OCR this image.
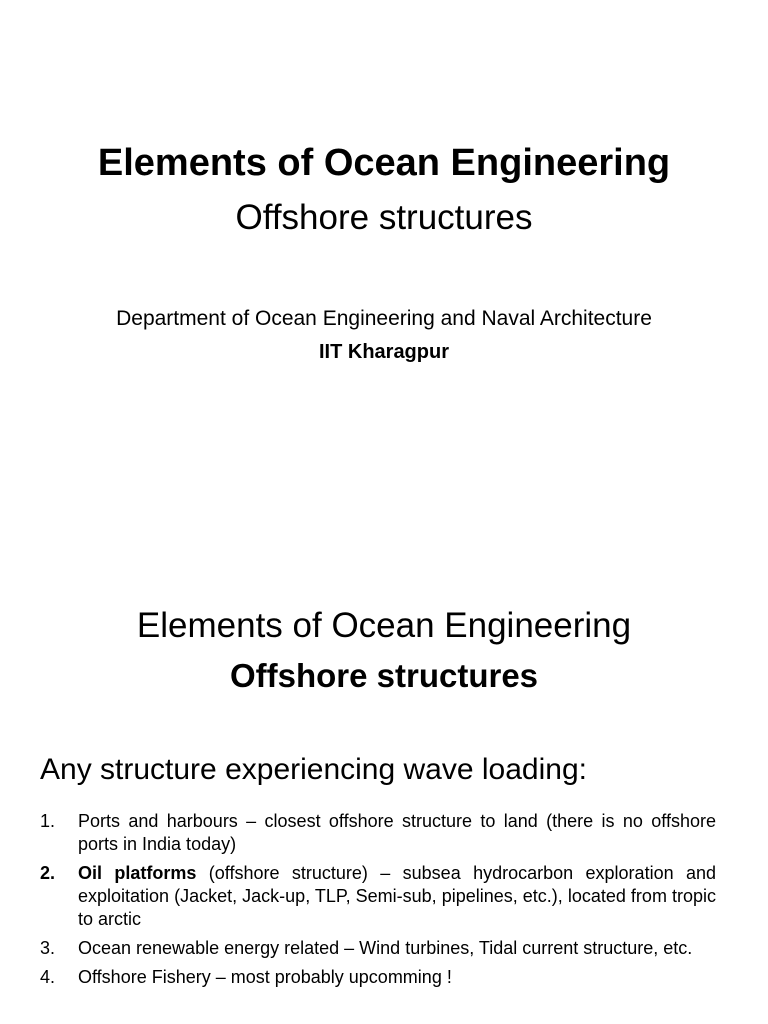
Elements of Ocean Engineering
Offshore structures
Department of Ocean Engineering and Naval Architecture
IIT Kharagpur
Elements of Ocean Engineering
Offshore structures
Any structure experiencing wave loading:
1.	Ports and harbours – closest offshore structure to land (there is no offshore ports in India today)
2.	Oil platforms (offshore structure) – subsea hydrocarbon exploration and exploitation (Jacket, Jack-up, TLP, Semi-sub, pipelines, etc.), located from tropic to arctic
3.	Ocean renewable energy related – Wind turbines, Tidal current structure, etc.
4.	Offshore Fishery – most probably upcomming !
